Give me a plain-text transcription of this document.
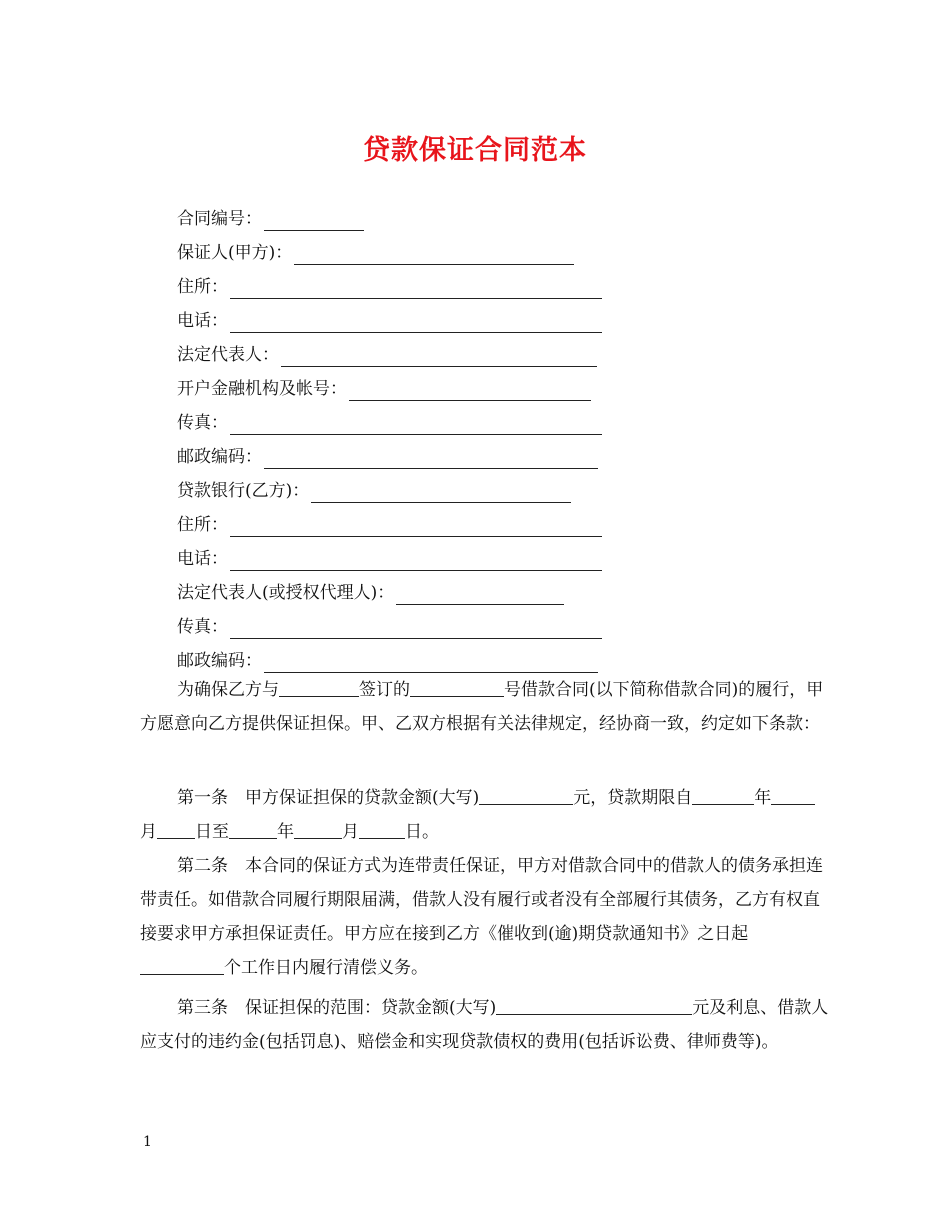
贷款保证合同范本
合同编号：
保证人(甲方)：
住所：
电话：
法定代表人：
开户金融机构及帐号：
传真：
邮政编码：
贷款银行(乙方)：
住所：
电话：
法定代表人(或授权代理人)：
传真：
邮政编码：

为确保乙方与	签订的	号借款合同(以下简称借款合同)的履行，甲方愿意向乙方提供保证担保。甲、乙双方根据有关法律规定，经协商一致，约定如下条款：

第一条　甲方保证担保的贷款金额(大写)	元，贷款期限自	年月 日至	年	月	日。

第二条　本合同的保证方式为连带责任保证，甲方对借款合同中的借款人的债务承担连带责任。如借款合同履行期限届满，借款人没有履行或者没有全部履行其债务，乙方有权直接要求甲方承担保证责任。甲方应在接到乙方《催收到(逾)期贷款通知书》之日起个工作日内履行清偿义务。

第三条　保证担保的范围：贷款金额(大写)	元及利息、借款人应支付的违约金(包括罚息)、赔偿金和实现贷款债权的费用(包括诉讼费、律师费等)。

1
